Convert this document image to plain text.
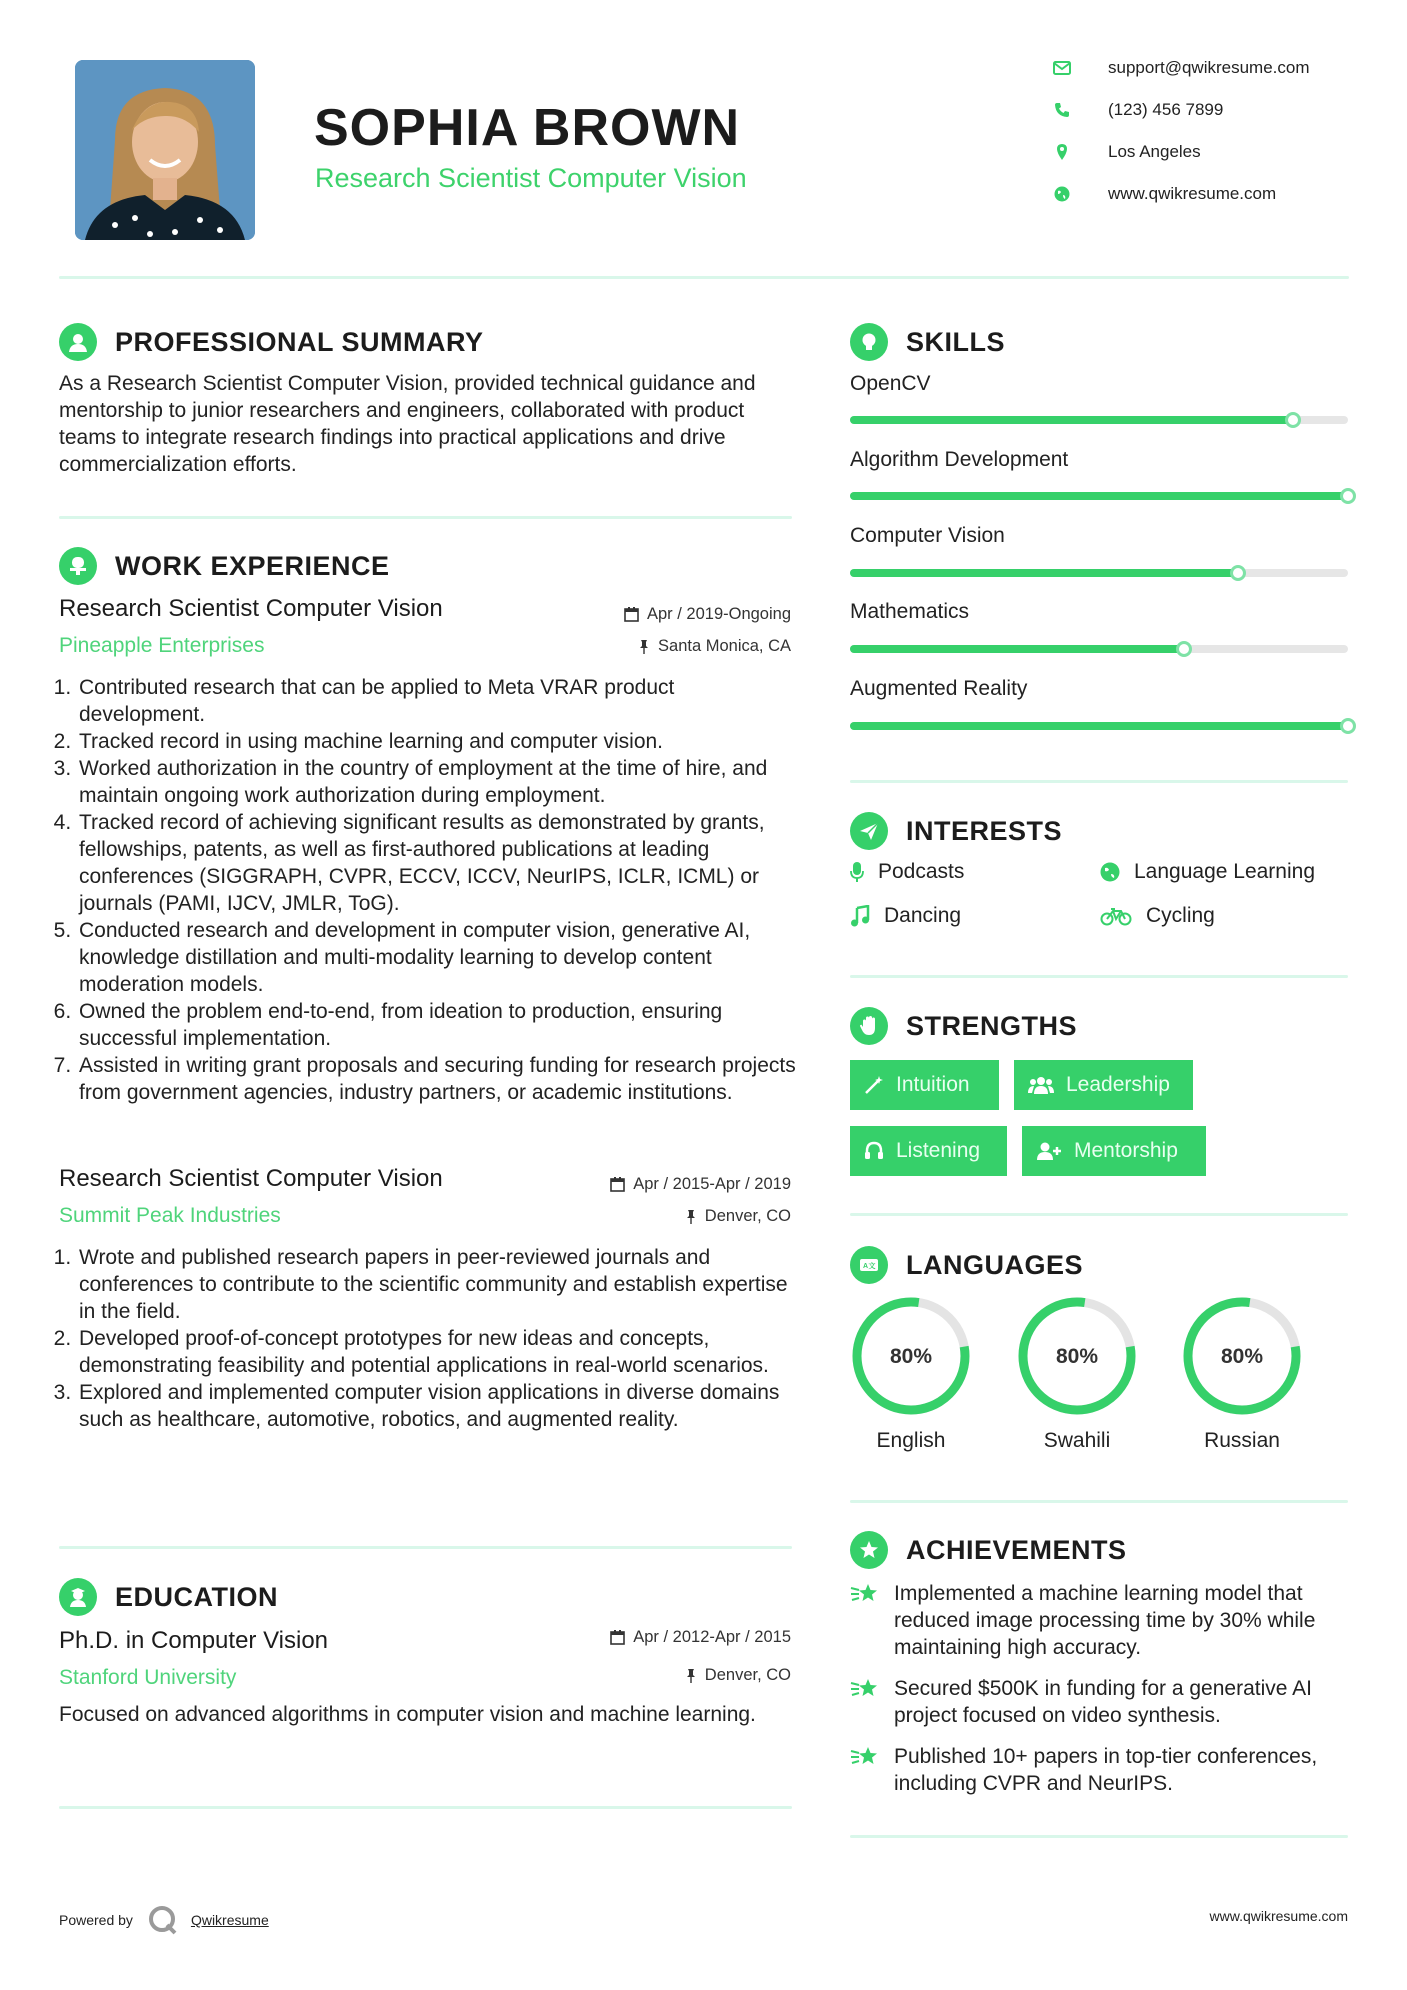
SOPHIA BROWN
Research Scientist Computer Vision
support@qwikresume.com
(123) 456 7899
Los Angeles
www.qwikresume.com
PROFESSIONAL SUMMARY
As a Research Scientist Computer Vision, provided technical guidance and mentorship to junior researchers and engineers, collaborated with product teams to integrate research findings into practical applications and drive commercialization efforts.
WORK EXPERIENCE
Research Scientist Computer Vision	Apr / 2019-Ongoing
Pineapple Enterprises	Santa Monica, CA
1. Contributed research that can be applied to Meta VRAR product development.
2. Tracked record in using machine learning and computer vision.
3. Worked authorization in the country of employment at the time of hire, and maintain ongoing work authorization during employment.
4. Tracked record of achieving significant results as demonstrated by grants, fellowships, patents, as well as first-authored publications at leading conferences (SIGGRAPH, CVPR, ECCV, ICCV, NeurIPS, ICLR, ICML) or journals (PAMI, IJCV, JMLR, ToG).
5. Conducted research and development in computer vision, generative AI, knowledge distillation and multi-modality learning to develop content moderation models.
6. Owned the problem end-to-end, from ideation to production, ensuring successful implementation.
7. Assisted in writing grant proposals and securing funding for research projects from government agencies, industry partners, or academic institutions.
Research Scientist Computer Vision	Apr / 2015-Apr / 2019
Summit Peak Industries	Denver, CO
1. Wrote and published research papers in peer-reviewed journals and conferences to contribute to the scientific community and establish expertise in the field.
2. Developed proof-of-concept prototypes for new ideas and concepts, demonstrating feasibility and potential applications in real-world scenarios.
3. Explored and implemented computer vision applications in diverse domains such as healthcare, automotive, robotics, and augmented reality.
EDUCATION
Ph.D. in Computer Vision	Apr / 2012-Apr / 2015
Stanford University	Denver, CO
Focused on advanced algorithms in computer vision and machine learning.
SKILLS
OpenCV
Algorithm Development
Computer Vision
Mathematics
Augmented Reality
INTERESTS
Podcasts	Language Learning
Dancing	Cycling
STRENGTHS
Intuition	Leadership
Listening	Mentorship
A文 LANGUAGES
80%	80%	80%
English	Swahili	Russian
ACHIEVEMENTS
Implemented a machine learning model that reduced image processing time by 30% while maintaining high accuracy.
Secured $500K in funding for a generative AI project focused on video synthesis.
Published 10+ papers in top-tier conferences, including CVPR and NeurIPS.
Powered by	Qwikresume	www.qwikresume.com
